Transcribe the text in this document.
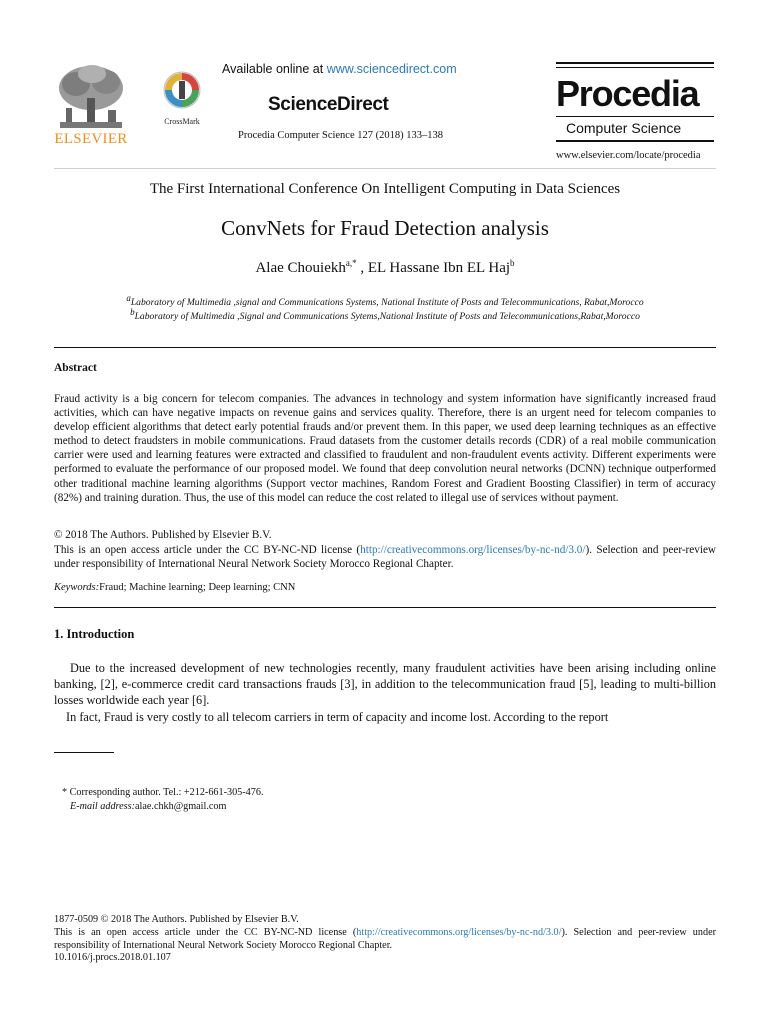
ELSEVIER
CrossMark
Available online at www.sciencedirect.com
ScienceDirect
Procedia Computer Science 127 (2018) 133–138
Procedia
Computer Science
www.elsevier.com/locate/procedia
The First International Conference On Intelligent Computing in Data Sciences
ConvNets for Fraud Detection analysis
Alae Chouiekh$^{a,*}$ , EL Hassane Ibn EL Haj$^b$
$^a$Laboratory of Multimedia ,signal and Communications Systems, National Institute of Posts and Telecommunications, Rabat,Morocco
$^b$Laboratory of Multimedia ,Signal and Communications Sytems,National Institute of Posts and Telecommunications,Rabat,Morocco
Abstract
Fraud activity is a big concern for telecom companies. The advances in technology and system information have significantly increased fraud activities, which can have negative impacts on revenue gains and services quality. Therefore, there is an urgent need for telecom companies to develop efficient algorithms that detect early potential frauds and/or prevent them. In this paper, we used deep learning techniques as an effective method to detect fraudsters in mobile communications. Fraud datasets from the customer details records (CDR) of a real mobile communication carrier were used and learning features were extracted and classified to fraudulent and non-fraudulent events activity. Different experiments were performed to evaluate the performance of our proposed model. We found that deep convolution neural networks (DCNN) technique outperformed other traditional machine learning algorithms (Support vector machines, Random Forest and Gradient Boosting Classifier) in term of accuracy (82%) and training duration. Thus, the use of this model can reduce the cost related to illegal use of services without payment.
© 2018 The Authors. Published by Elsevier B.V.
This is an open access article under the CC BY-NC-ND license (http://creativecommons.org/licenses/by-nc-nd/3.0/). Selection and peer-review under responsibility of International Neural Network Society Morocco Regional Chapter.
Keywords:Fraud; Machine learning; Deep learning; CNN
1. Introduction
Due to the increased development of new technologies recently, many fraudulent activities have been arising including online banking, [2], e-commerce credit card transactions frauds [3], in addition to the telecommunication fraud [5], leading to multi-billion losses worldwide each year [6].
In fact, Fraud is very costly to all telecom carriers in term of capacity and income lost. According to the report
* Corresponding author. Tel.: +212-661-305-476.
E-mail address:alae.chkh@gmail.com
1877-0509 © 2018 The Authors. Published by Elsevier B.V.
This is an open access article under the CC BY-NC-ND license (http://creativecommons.org/licenses/by-nc-nd/3.0/). Selection and peer-review under responsibility of International Neural Network Society Morocco Regional Chapter.
10.1016/j.procs.2018.01.107
